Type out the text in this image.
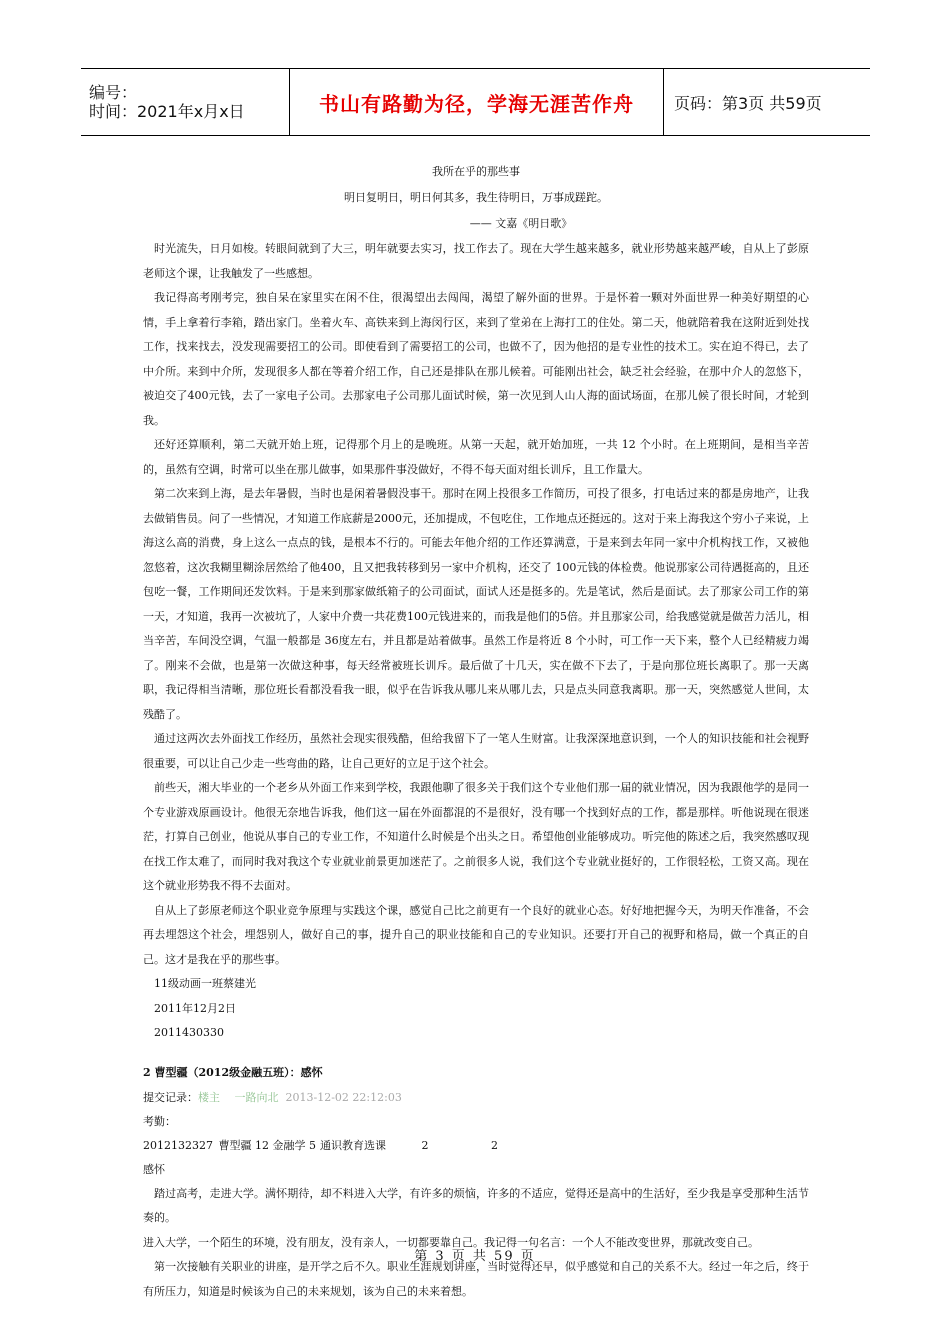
编号：
时间：2021年x月x日	书山有路勤为径，学海无涯苦作舟	页码：第3页 共59页
我所在乎的那些事
明日复明日，明日何其多，我生待明日，万事成蹉跎。
—— 文嘉《明日歌》

时光流失，日月如梭。转眼间就到了大三，明年就要去实习，找工作去了。现在大学生越来越多，就业形势越来越严峻，自从上了彭原老师这个课，让我触发了一些感想。

我记得高考刚考完，独自呆在家里实在闲不住，很渴望出去闯闯，渴望了解外面的世界。于是怀着一颗对外面世界一种美好期望的心情，手上拿着行李箱，踏出家门。坐着火车、高铁来到上海闵行区，来到了堂弟在上海打工的住处。第二天，他就陪着我在这附近到处找工作，找来找去，没发现需要招工的公司。即使看到了需要招工的公司，也做不了，因为他招的是专业性的技术工。实在迫不得已，去了中介所。来到中介所，发现很多人都在等着介绍工作，自己还是排队在那儿候着。可能刚出社会，缺乏社会经验，在那中介人的忽悠下，被迫交了400元钱，去了一家电子公司。去那家电子公司那儿面试时候，第一次见到人山人海的面试场面，在那儿候了很长时间，才轮到我。

还好还算顺利，第二天就开始上班，记得那个月上的是晚班。从第一天起，就开始加班，一共 12 个小时。在上班期间，是相当辛苦的，虽然有空调，时常可以坐在那儿做事，如果那件事没做好，不得不每天面对组长训斥，且工作量大。

第二次来到上海，是去年暑假，当时也是闲着暑假没事干。那时在网上投很多工作简历，可投了很多，打电话过来的都是房地产，让我去做销售员。问了一些情况，才知道工作底薪是2000元，还加提成，不包吃住，工作地点还挺远的。这对于来上海我这个穷小子来说，上海这么高的消费，身上这么一点点的钱，是根本不行的。可能去年他介绍的工作还算满意，于是来到去年同一家中介机构找工作，又被他忽悠着，这次我糊里糊涂居然给了他400，且又把我转移到另一家中介机构，还交了 100元钱的体检费。他说那家公司待遇挺高的，且还包吃一餐，工作期间还发饮料。于是来到那家做纸箱子的公司面试，面试人还是挺多的。先是笔试，然后是面试。去了那家公司工作的第一天，才知道，我再一次被坑了，人家中介费一共花费100元钱进来的，而我是他们的5倍。并且那家公司，给我感觉就是做苦力活儿，相当辛苦，车间没空调，气温一般都是 36度左右，并且都是站着做事。虽然工作是将近 8 个小时，可工作一天下来，整个人已经精疲力竭了。刚来不会做，也是第一次做这种事，每天经常被班长训斥。最后做了十几天，实在做不下去了，于是向那位班长离职了。那一天离职，我记得相当清晰，那位班长看都没看我一眼，似乎在告诉我从哪儿来从哪儿去，只是点头同意我离职。那一天，突然感觉人世间，太残酷了。

通过这两次去外面找工作经历，虽然社会现实很残酷，但给我留下了一笔人生财富。让我深深地意识到，一个人的知识技能和社会视野很重要，可以让自己少走一些弯曲的路，让自己更好的立足于这个社会。

前些天，湘大毕业的一个老乡从外面工作来到学校，我跟他聊了很多关于我们这个专业他们那一届的就业情况，因为我跟他学的是同一个专业游戏原画设计。他很无奈地告诉我，他们这一届在外面都混的不是很好，没有哪一个找到好点的工作，都是那样。听他说现在很迷茫，打算自己创业，他说从事自己的专业工作，不知道什么时候是个出头之日。希望他创业能够成功。听完他的陈述之后，我突然感叹现在找工作太难了，而同时我对我这个专业就业前景更加迷茫了。之前很多人说，我们这个专业就业挺好的，工作很轻松，工资又高。现在这个就业形势我不得不去面对。

自从上了彭原老师这个职业竞争原理与实践这个课，感觉自己比之前更有一个良好的就业心态。好好地把握今天，为明天作准备，不会再去埋怨这个社会，埋怨别人，做好自己的事，提升自己的职业技能和自己的专业知识。还要打开自己的视野和格局，做一个真正的自己。这才是我在乎的那些事。

11级动画一班蔡建光

2011年12月2日

2011430330

2 曹型疆（2012级金融五班）：感怀

提交记录：楼主　 一路向北 2013-12-02 22:12:03

考勤：2012132327 曹型疆 12 金融学 5 通识教育选课	2	2

感怀

踏过高考，走进大学。满怀期待，却不料进入大学，有许多的烦恼，许多的不适应，觉得还是高中的生活好，至少我是享受那种生活节奏的。

进入大学，一个陌生的环境，没有朋友，没有亲人，一切都要靠自己。我记得一句名言：一个人不能改变世界，那就改变自己。

第一次接触有关职业的讲座，是开学之后不久。职业生涯规划讲座，当时觉得还早，似乎感觉和自己的关系不大。经过一年之后，终于有所压力，知道是时候该为自己的未来规划，该为自己的未来着想。

第 3 页 共 59 页
